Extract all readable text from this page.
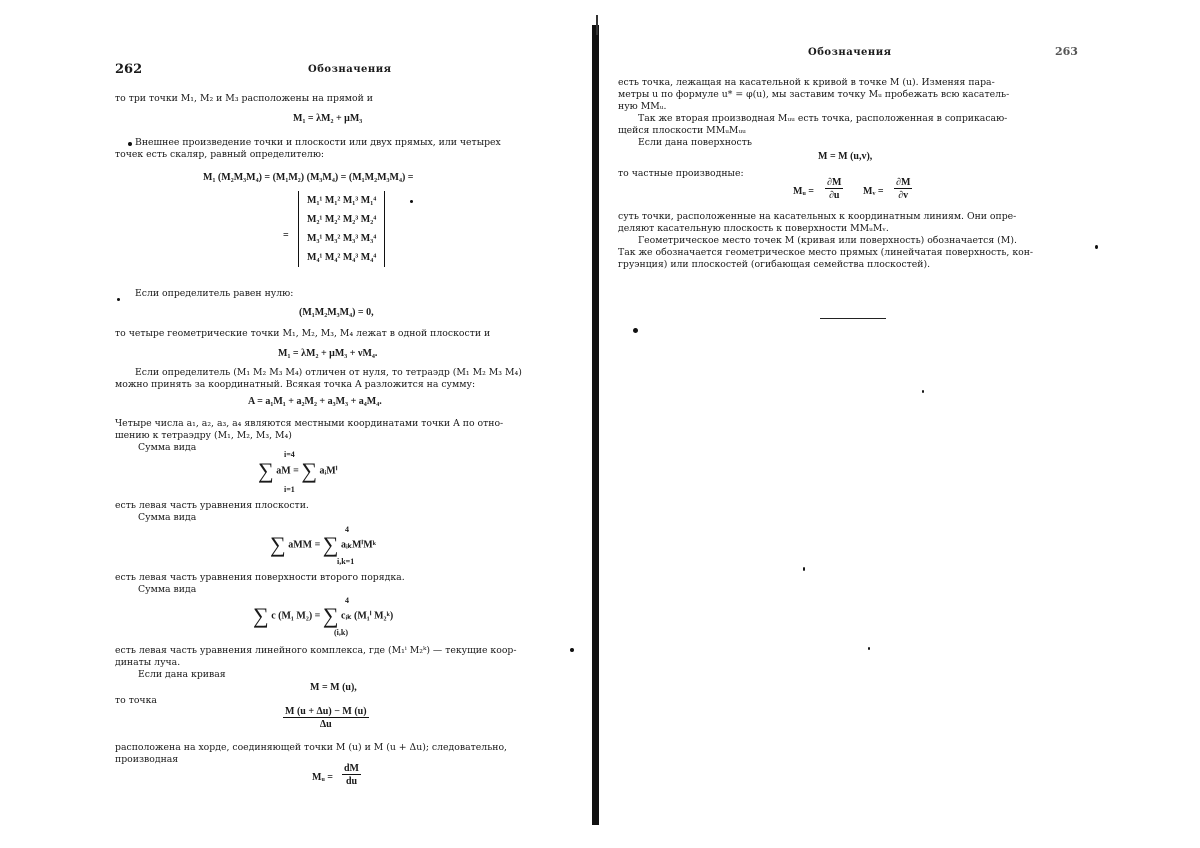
262	Обозначения
то три точки M₁, M₂ и M₃ расположены на прямой и
M₁ = λM₂ + μM₃
Внешнее произведение точки и плоскости или двух прямых, или четырех
точек есть скаляр, равный определителю:
M₁ (M₂M₃M₄) = (M₁M₂) (M₃M₄) = (M₁M₂M₃M₄) =
=
M₁¹ M₁² M₁³ M₁⁴
M₂¹ M₂² M₂³ M₂⁴
M₃¹ M₃² M₃³ M₃⁴
M₄¹ M₄² M₄³ M₄⁴
Если определитель равен нулю:
(M₁M₂M₃M₄) = 0,
то четыре геометрические точки M₁, M₂, M₃, M₄ лежат в одной плоскости и
M₁ = λM₂ + μM₃ + νM₄.
Если определитель (M₁ M₂ M₃ M₄) отличен от нуля, то тетраэдр (M₁ M₂ M₃ M₄)
можно принять за координатный. Всякая точка A разложится на сумму:
A = a₁M₁ + a₂M₂ + a₃M₃ + a₄M₄.
Четыре числа a₁, a₂, a₃, a₄ являются местными координатами точки A по отно-
шению к тетраэдру (M₁, M₂, M₃, M₄)
Сумма вида
i=4
∑ aM = ∑ aᵢMⁱ
i=1
есть левая часть уравнения плоскости.
Сумма вида
4
∑ aMM = ∑ aᵢₖMⁱMᵏ
i,k=1
есть левая часть уравнения поверхности второго порядка.
Сумма вида
4
∑ c (M₁ M₂) = ∑ cᵢₖ (M₁ⁱ M₂ᵏ)
(i,k)
есть левая часть уравнения линейного комплекса, где (M₁ⁱ M₂ᵏ) — текущие коор-
динаты луча.
Если дана кривая
M = M (u),
то точка
$\frac{M (u + \Delta u) - M (u)}{\Delta u}$
расположена на хорде, соединяющей точки M (u) и M (u + Δu); следовательно,
производная
Mᵤ = $\frac{dM}{du}$
Обозначения	263
есть точка, лежащая на касательной к кривой в точке M (u). Изменяя пара-
метры u по формуле u* = φ(u), мы заставим точку Mᵤ пробежать всю касатель-
ную MMᵤ.
Так же вторая производная Mᵤᵤ есть точка, расположенная в соприкасаю-
щейся плоскости MMᵤMᵤᵤ
Если дана поверхность
M = M (u,v),
то частные производные:
Mᵤ = $\frac{\partial M}{\partial u}$ Mᵥ = $\frac{\partial M}{\partial v}$
суть точки, расположенные на касательных к координатным линиям. Они опре-
деляют касательную плоскость к поверхности MMᵤMᵥ.
Геометрическое место точек M (кривая или поверхность) обозначается (M).
Так же обозначается геометрическое место прямых (линейчатая поверхность, кон-
груэнция) или плоскостей (огибающая семейства плоскостей).
